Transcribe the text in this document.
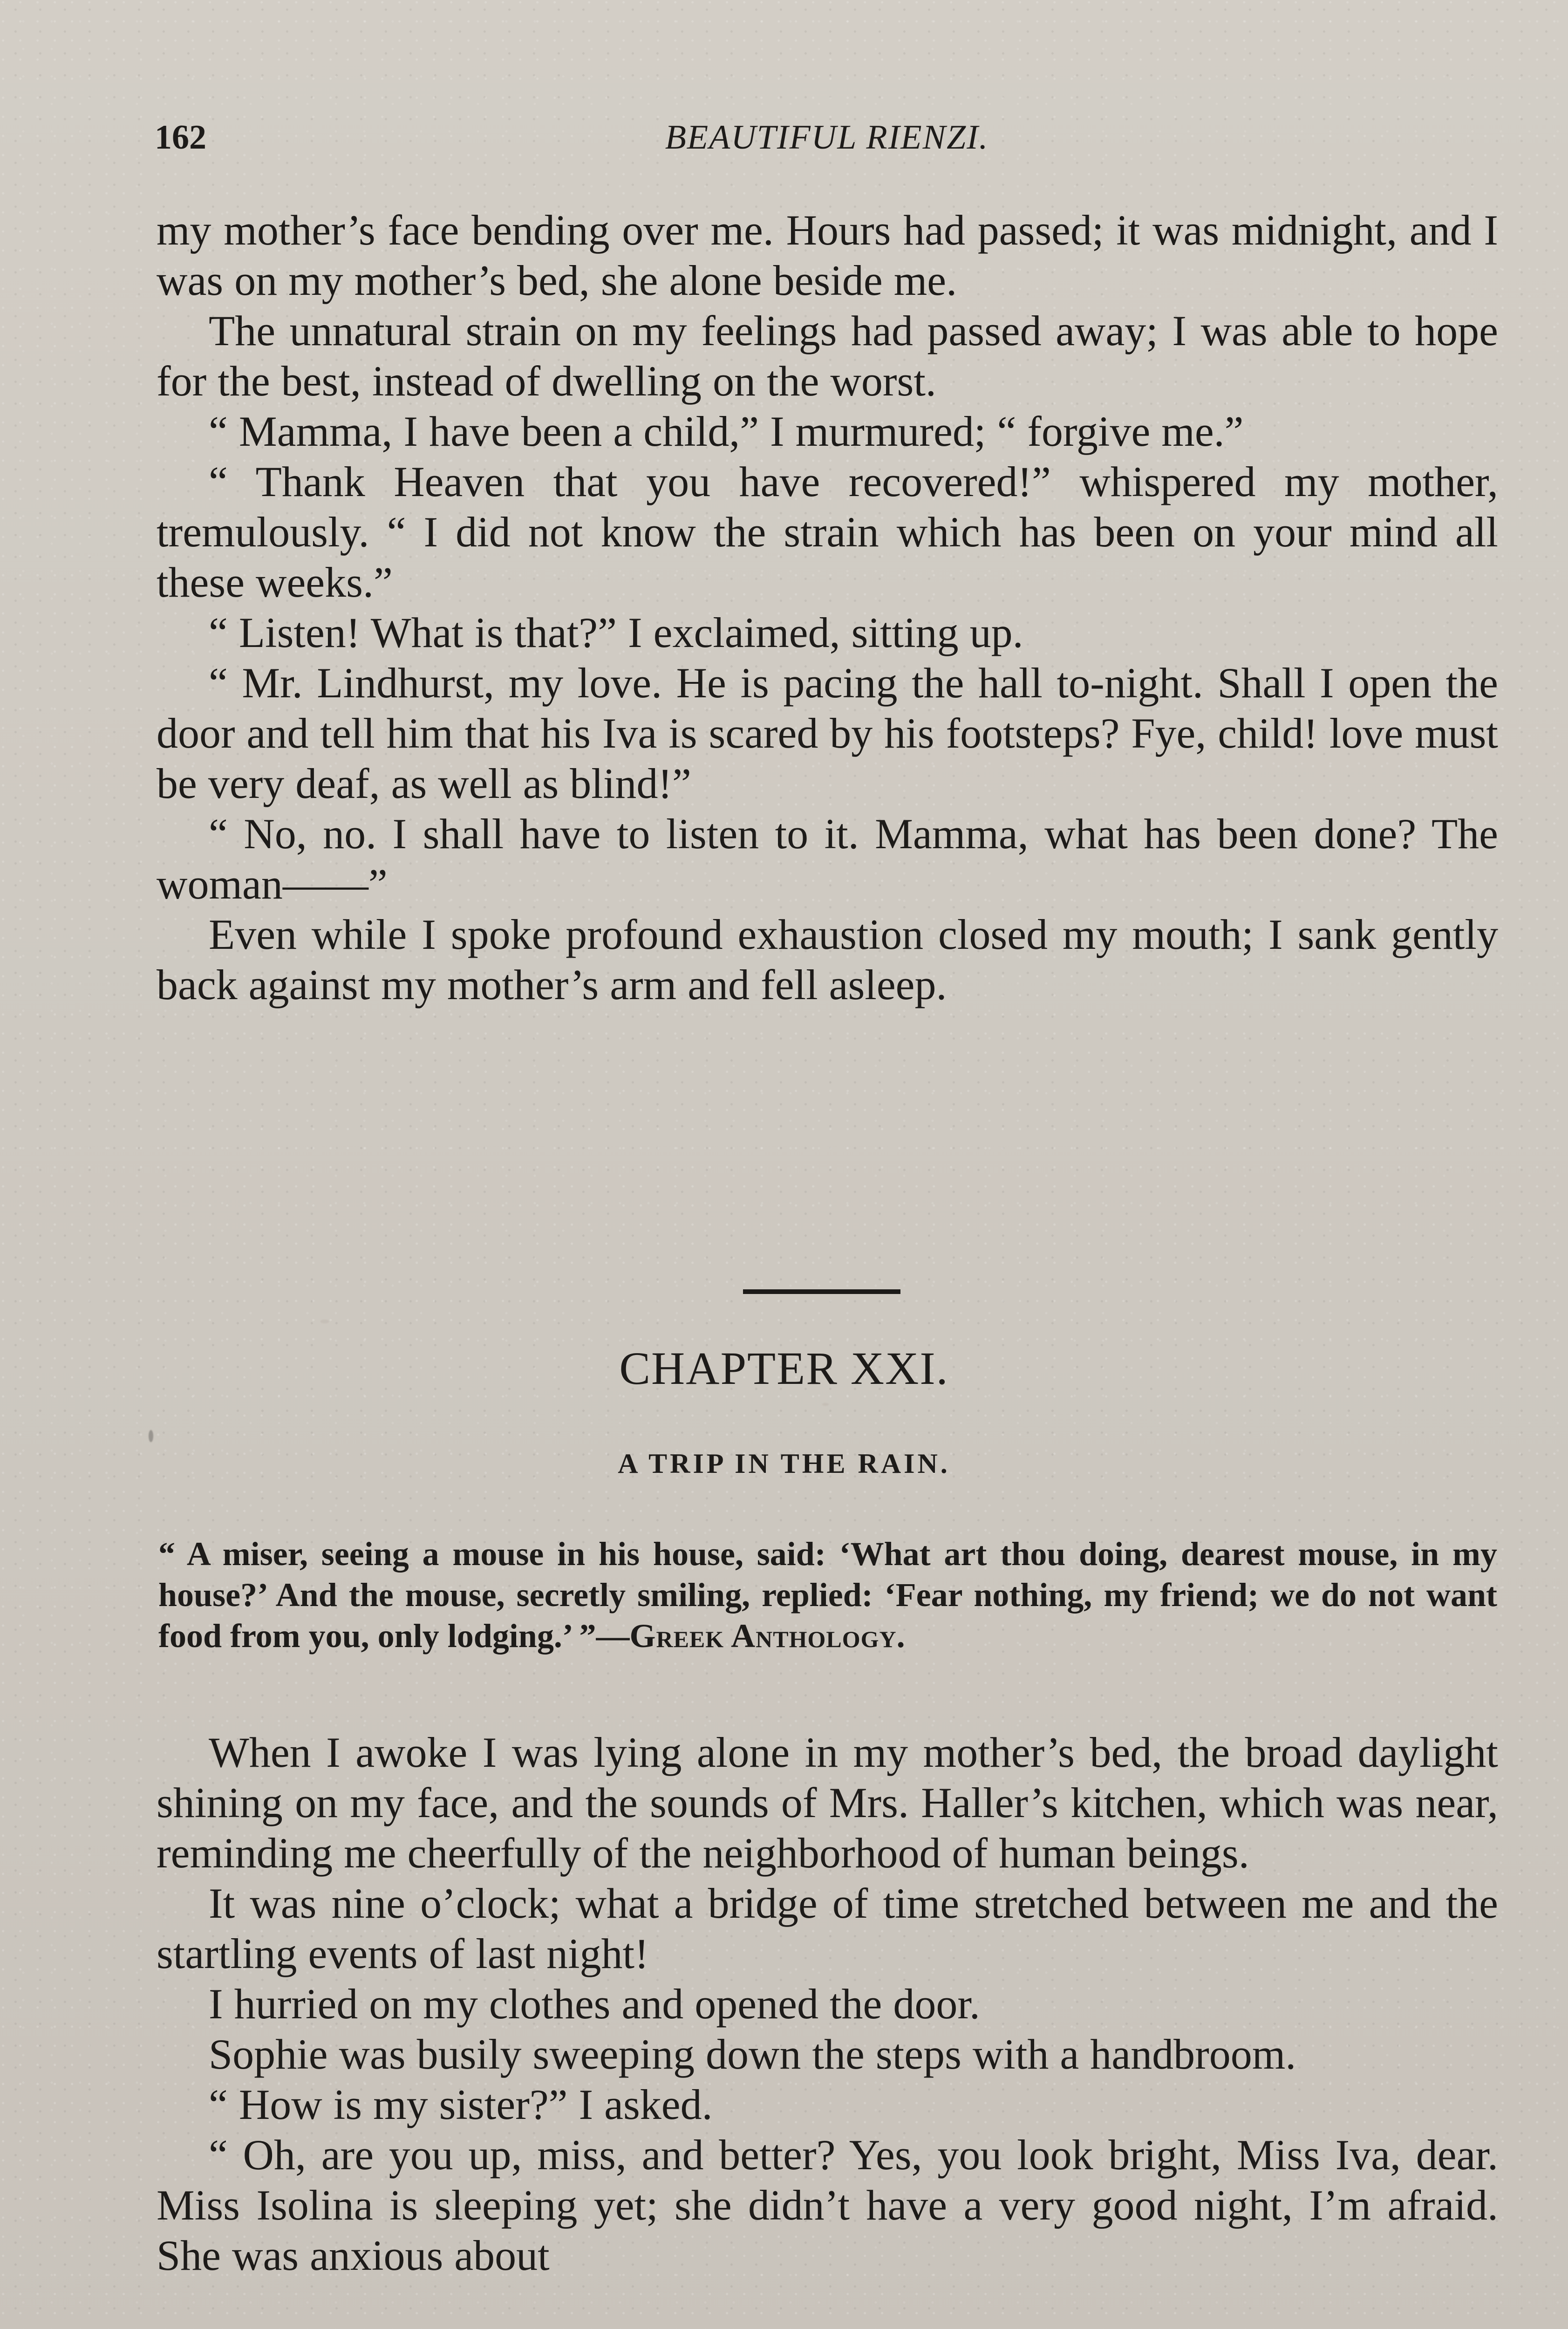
162	BEAUTIFUL RIENZI.

my mother’s face bending over me. Hours had passed; it was midnight, and I was on my mother’s bed, she alone beside me.

The unnatural strain on my feelings had passed away; I was able to hope for the best, instead of dwelling on the worst.

“ Mamma, I have been a child,” I murmured; “ forgive me.”

“ Thank Heaven that you have recovered!” whispered my mother, tremulously. “ I did not know the strain which has been on your mind all these weeks.”

“ Listen! What is that?” I exclaimed, sitting up.

“ Mr. Lindhurst, my love. He is pacing the hall to-night. Shall I open the door and tell him that his Iva is scared by his footsteps? Fye, child! love must be very deaf, as well as blind!”

“ No, no. I shall have to listen to it. Mamma, what has been done? The woman——”

Even while I spoke profound exhaustion closed my mouth; I sank gently back against my mother’s arm and fell asleep.

CHAPTER XXI.
A TRIP IN THE RAIN.
“ A miser, seeing a mouse in his house, said: ‘What art thou doing, dearest mouse, in my house?’ And the mouse, secretly smiling, replied: ‘Fear nothing, my friend; we do not want food from you, only lodging.’ ”—Greek Anthology.

When I awoke I was lying alone in my mother’s bed, the broad daylight shining on my face, and the sounds of Mrs. Haller’s kitchen, which was near, reminding me cheerfully of the neighborhood of human beings.

It was nine o’clock; what a bridge of time stretched between me and the startling events of last night!

I hurried on my clothes and opened the door.

Sophie was busily sweeping down the steps with a handbroom.

“ How is my sister?” I asked.

“ Oh, are you up, miss, and better? Yes, you look bright, Miss Iva, dear. Miss Isolina is sleeping yet; she didn’t have a very good night, I’m afraid. She was anxious about
